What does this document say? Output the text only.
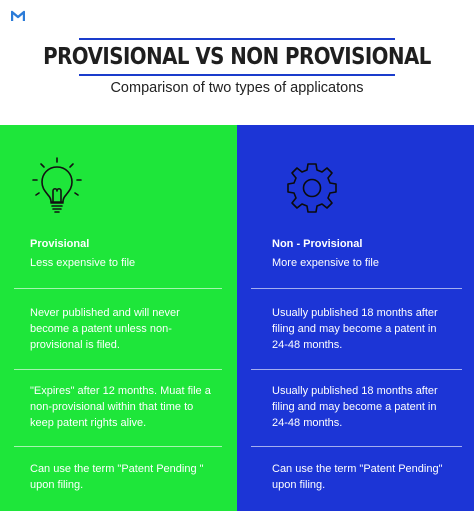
PROVISIONAL VS NON PROVISIONAL
Comparison of two types of applicatons
Provisional
Less expensive to file
Never published and will never
become a patent unless non-
provisional is filed.
"Expires" after 12 months. Muat file a
non-provisional within that time to
keep patent rights alive.
Can use the term "Patent Pending "
upon filing.
Non - Provisional
More expensive to file
Usually published 18 months after
filing and may become a patent in
24-48 months.
Usually published 18 months after
filing and may become a patent in
24-48 months.
Can use the term "Patent Pending"
upon filing.
